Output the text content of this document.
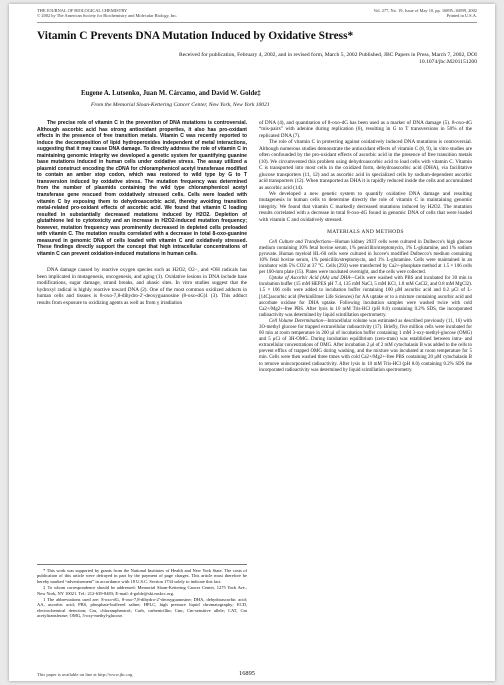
THE JOURNAL OF BIOLOGICAL CHEMISTRY
© 2002 by The American Society for Biochemistry and Molecular Biology, Inc.
Vol. 277, No. 19, Issue of May 10, pp. 16895–16899, 2002
Printed in U.S.A.
Vitamin C Prevents DNA Mutation Induced by Oxidative Stress*
Received for publication, February 4, 2002, and in revised form, March 5, 2002 Published, JBC Papers in Press, March 7, 2002, DOI 10.1074/jbc.M201151200
Eugene A. Lutsenko, Juan M. Cárcamo, and David W. Golde‡
From the Memorial Sloan-Kettering Cancer Center, New York, New York 10021

The precise role of vitamin C in the prevention of DNA mutations is controversial. Although ascorbic acid has strong antioxidant properties, it also has pro-oxidant effects in the presence of free transition metals. Vitamin C was recently reported to induce the decomposition of lipid hydroperoxides independent of metal interactions, suggesting that it may cause DNA damage. To directly address the role of vitamin C in maintaining genomic integrity we developed a genetic system for quantifying guanine base mutations induced in human cells under oxidative stress. The assay utilized a plasmid construct encoding the cDNA for chloramphenicol acetyl transferase modified to contain an amber stop codon, which was restored to wild type by G to T transversion induced by oxidative stress. The mutation frequency was determined from the number of plasmids containing the wild type chloramphenicol acetyl transferase gene rescued from oxidatively stressed cells. Cells were loaded with vitamin C by exposing them to dehydroascorbic acid, thereby avoiding transition metal-related pro-oxidant effects of ascorbic acid. We found that vitamin C loading resulted in substantially decreased mutations induced by H2O2. Depletion of glutathione led to cytotoxicity and an increase in H2O2-induced mutation frequency; however, mutation frequency was prominently decreased in depleted cells preloaded with vitamin C. The mutation results correlated with a decrease in total 8-oxo-guanine measured in genomic DNA of cells loaded with vitamin C and oxidatively stressed. These findings directly support the concept that high intracellular concentrations of vitamin C can prevent oxidation-induced mutations in human cells.

DNA damage caused by reactive oxygen species such as H2O2, O2−, and •OH radicals has been implicated in mutagenesis, oncogenesis, and aging (1). Oxidative lesions in DNA include base modifications, sugar damage, strand breaks, and abasic sites. In vitro studies suggest that the hydroxyl radical is highly reactive toward DNA (2). One of the most common oxidized adducts in human cells and tissues is 8-oxo-7,8-dihydro-2′-deoxyguanosine (8-oxo-dG)1 (3). This adduct results from exposure to oxidizing agents as well as from γ irradiation

* This work was supported by grants from the National Institutes of Health and New York State. The costs of publication of this article were defrayed in part by the payment of page charges. This article must therefore be hereby marked “advertisement” in accordance with 18 U.S.C. Section 1734 solely to indicate this fact.

‡ To whom correspondence should be addressed: Memorial Sloan-Kettering Cancer Center, 1275 York Ave., New York, NY 10021. Tel.: 212-639-8483; E-mail: d-golde@ski.mskcc.org.

1 The abbreviations used are: 8-oxo-dG, 8-oxo-7,8-dihydro-2′-deoxyguanosine; DHA, dehydroascorbic acid; AA, ascorbic acid; PBS, phosphate-buffered saline; HPLC, high pressure liquid chromatography; ECD, electrochemical detection; Cm, chloramphenicol; Carb, carbenicillin; Cmr, Cm-sensitive allele; CAT, Cm acetyltransferase; OMG, 3-oxy-methyl-glucose.

of DNA (4), and quantitation of 8-oxo-dG has been used as a marker of DNA damage (5). 8-oxo-dG “mis-pairs” with adenine during replication (6), resulting in G to T transversions in 50% of the replicated DNA (7).

The role of vitamin C in protecting against oxidatively induced DNA mutations is controversial. Although numerous studies demonstrate the antioxidant effects of vitamin C (8, 9), in vitro studies are often confounded by the pro-oxidant effects of ascorbic acid in the presence of free transition metals (10). We circumvented this problem using dehydroascorbic acid to load cells with vitamin C. Vitamin C is transported into most cells in the oxidized form, dehydroascorbic acid (DHA), via facilitative glucose transporters (11, 12) and as ascorbic acid in specialized cells by sodium-dependent ascorbic acid transporters (12). When transported as DHA it is rapidly reduced inside the cells and accumulated as ascorbic acid (14).

We developed a new genetic system to quantify oxidative DNA damage and resulting mutagenesis in human cells to determine directly the role of vitamin C in maintaining genomic integrity. We found that vitamin C markedly decreased mutations induced by H2O2. The mutation results correlated with a decrease in total 8-oxo-dG found in genomic DNA of cells that were loaded with vitamin C and oxidatively stressed.

MATERIALS AND METHODS

Cell Culture and Transfections—Human kidney 293T cells were cultured in Dulbecco's high glucose medium containing 10% fetal bovine serum, 1% penicillin/streptomycin, 1% L-glutamine, and 1% sodium pyruvate. Human myeloid HL-60 cells were cultured in Iscove's modified Dulbecco's medium containing 10% fetal bovine serum, 1% penicillin/streptomycin, and 1% L-glutamine. Cells were maintained in an incubator with 5% CO2 at 37 °C. Cells (293) were transfected by Ca2+-phosphate method at 1.5 × 106 cells per 100-mm plate (15). Plates were incubated overnight, and the cells were collected.

Uptake of Ascorbic Acid (AA) and DHA—Cells were washed with PBS and incubated for 30 min in incubation buffer (15 mM HEPES pH 7.4, 135 mM NaCl, 5 mM KCl, 1.8 mM CaCl2, and 0.8 mM MgCl2). 1.5 × 106 cells were added to incubation buffer containing 100 μM ascorbic acid and 0.2 μCi of L-[14C]ascorbic acid (PerkinElmer Life Sciences) for AA uptake or to a mixture containing ascorbic acid and ascorbate oxidase for DHA uptake. Following incubation samples were washed twice with cold Ca2+/Mg2+-free PBS. After lysis in 10 mM Tris-HCl (pH 8.0) containing 0.2% SDS, the incorporated radioactivity was determined by liquid scintillation spectrometry.

Cell Volume Determination—Intracellular volume was estimated as described previously (11, 16) with 3O-methyl glucose for trapped extracellular radioactivity (17). Briefly, five million cells were incubated for 60 min at room temperature in 200 μl of incubation buffer containing 1 mM 3-oxy-methyl-glucose (OMG) and 5 μCi of 3H-OMG. During incubation equilibrium (zero-trans) was established between intra- and extracellular concentrations of OMG. After incubation 2 μl of 2 mM cytochalasin B was added to the cells to prevent efflux of trapped OMG during washing, and the mixture was incubated at room temperature for 5 min. Cells were then washed three times with cold Ca2+/Mg2+-free PBS containing 20 μM cytochalasin B to remove unincorporated radioactivity. After lysis in 10 mM Tris-HCl (pH 8.0) containing 0.2% SDS the incorporated radioactivity was determined by liquid scintillation spectrometry.

This paper is available on line at http://www.jbc.org	16895
